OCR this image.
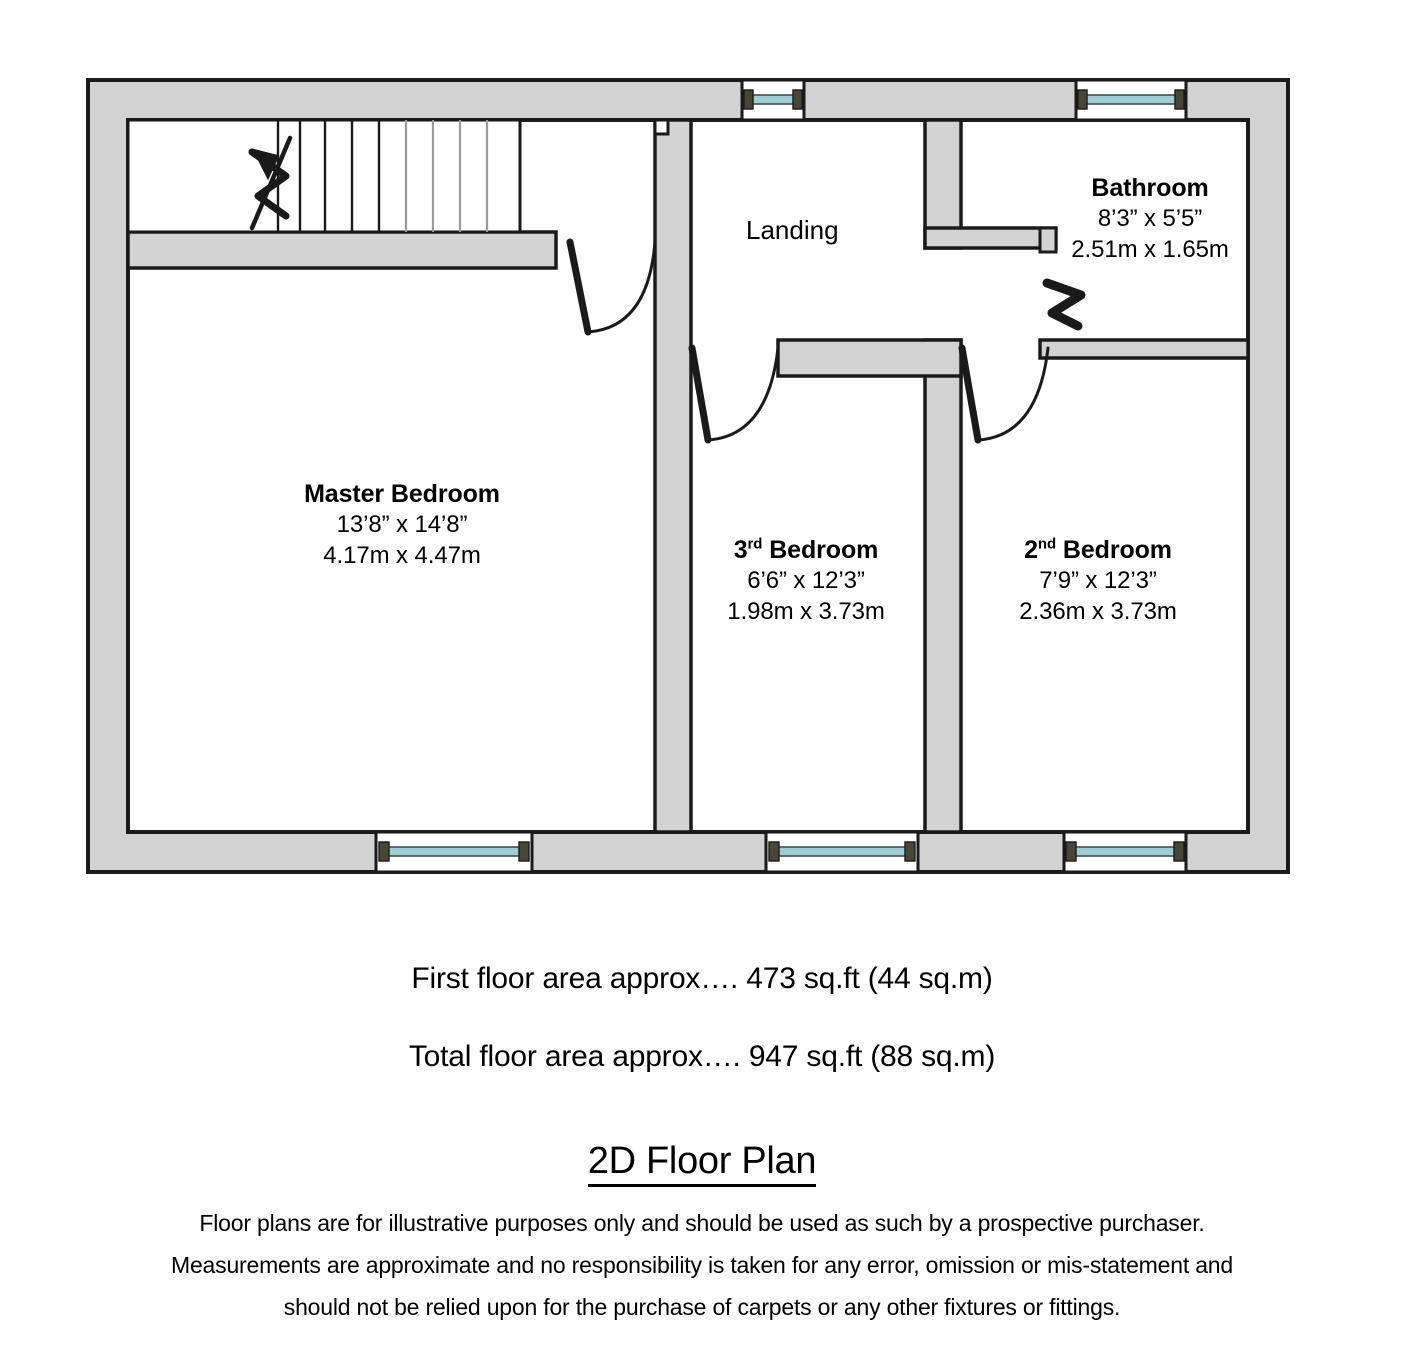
Landing
Master Bedroom
13’8” x 14’8”
4.17m x 4.47m	3rd Bedroom
6’6” x 12’3”
1.98m x 3.73m
2nd Bedroom
7’9” x 12’3”
2.36m x 3.73m
Bathroom
8’3” x 5’5”
2.51m x 1.65m
First floor area approx…. 473 sq.ft (44 sq.m)
Total floor area approx…. 947 sq.ft (88 sq.m)
2D Floor Plan
Floor plans are for illustrative purposes only and should be used as such by a prospective purchaser.
Measurements are approximate and no responsibility is taken for any error, omission or mis-statement and
should not be relied upon for the purchase of carpets or any other fixtures or fittings.
